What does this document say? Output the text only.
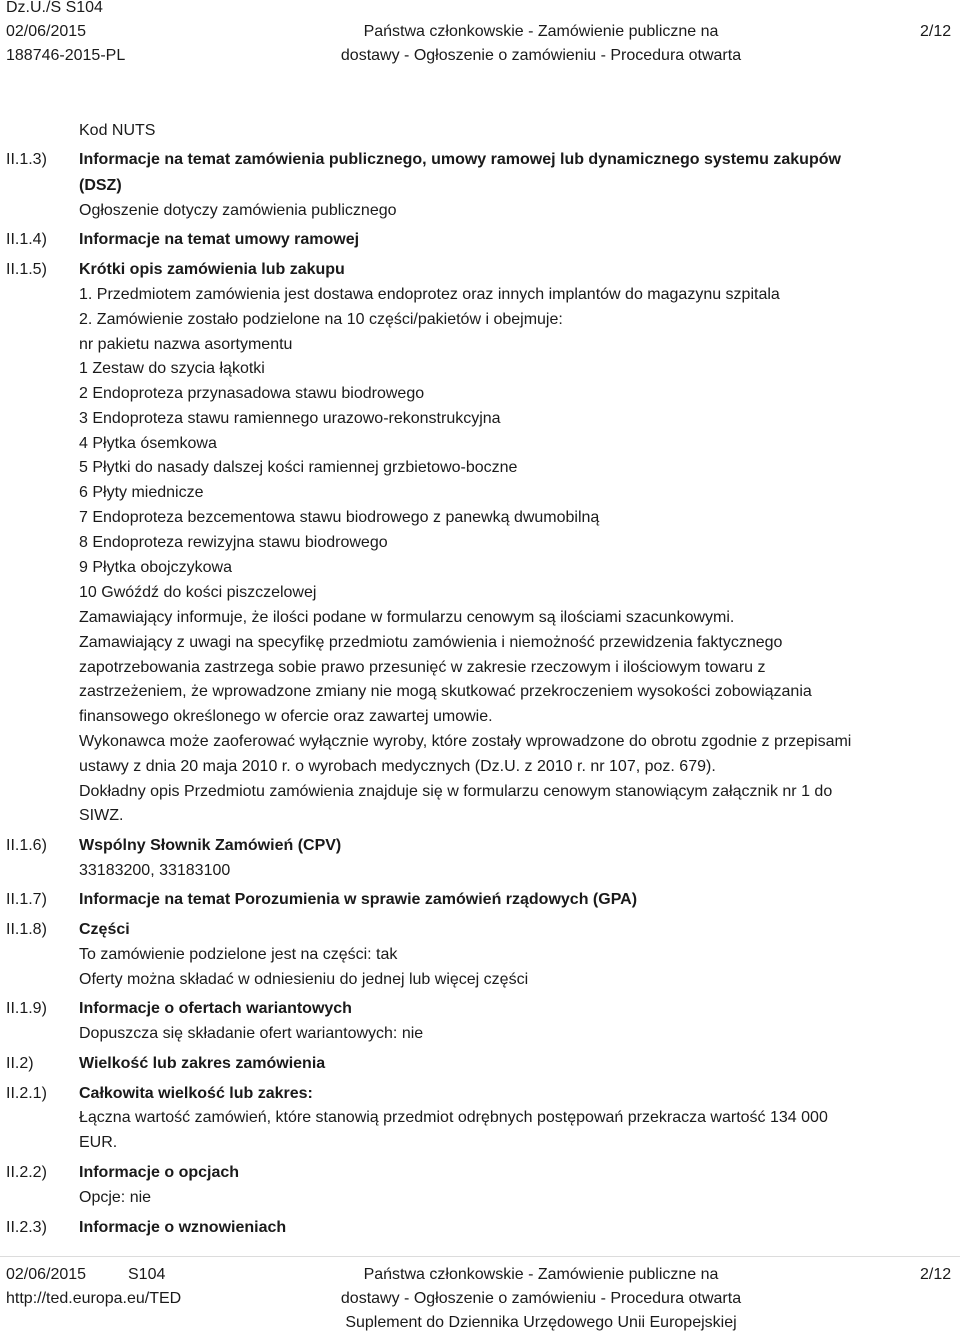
Dz.U./S S104
02/06/2015
188746-2015-PL
Państwa członkowskie - Zamówienie publiczne na
dostawy - Ogłoszenie o zamówieniu - Procedura otwarta
2/12
II.1.3)
II.1.4)
II.1.5)
II.1.6)
II.1.7)
II.1.8)
II.1.9)
II.2)
II.2.1)
II.2.2)
II.2.3)
Kod NUTS
Informacje na temat zamówienia publicznego, umowy ramowej lub dynamicznego systemu zakupów
(DSZ)
Ogłoszenie dotyczy zamówienia publicznego
Informacje na temat umowy ramowej
Krótki opis zamówienia lub zakupu
1. Przedmiotem zamówienia jest dostawa endoprotez oraz innych implantów do magazynu szpitala
2. Zamówienie zostało podzielone na 10 części/pakietów i obejmuje:
nr pakietu nazwa asortymentu
1 Zestaw do szycia łąkotki
2 Endoproteza przynasadowa stawu biodrowego
3 Endoproteza stawu ramiennego urazowo-rekonstrukcyjna
4 Płytka ósemkowa
5 Płytki do nasady dalszej kości ramiennej grzbietowo-boczne
6 Płyty miednicze
7 Endoproteza bezcementowa stawu biodrowego z panewką dwumobilną
8 Endoproteza rewizyjna stawu biodrowego
9 Płytka obojczykowa
10 Gwóźdź do kości piszczelowej
Zamawiający informuje, że ilości podane w formularzu cenowym są ilościami szacunkowymi.
Zamawiający z uwagi na specyfikę przedmiotu zamówienia i niemożność przewidzenia faktycznego
zapotrzebowania zastrzega sobie prawo przesunięć w zakresie rzeczowym i ilościowym towaru z
zastrzeżeniem, że wprowadzone zmiany nie mogą skutkować przekroczeniem wysokości zobowiązania
finansowego określonego w ofercie oraz zawartej umowie.
Wykonawca może zaoferować wyłącznie wyroby, które zostały wprowadzone do obrotu zgodnie z przepisami
ustawy z dnia 20 maja 2010 r. o wyrobach medycznych (Dz.U. z 2010 r. nr 107, poz. 679).
Dokładny opis Przedmiotu zamówienia znajduje się w formularzu cenowym stanowiącym załącznik nr 1 do
SIWZ.
Wspólny Słownik Zamówień (CPV)
33183200, 33183100
Informacje na temat Porozumienia w sprawie zamówień rządowych (GPA)
Części
To zamówienie podzielone jest na części: tak
Oferty można składać w odniesieniu do jednej lub więcej części
Informacje o ofertach wariantowych
Dopuszcza się składanie ofert wariantowych: nie
Wielkość lub zakres zamówienia
Całkowita wielkość lub zakres:
Łączna wartość zamówień, które stanowią przedmiot odrębnych postępowań przekracza wartość 134 000
EUR.
Informacje o opcjach
Opcje: nie
Informacje o wznowieniach
02/06/2015	S104
http://ted.europa.eu/TED
Państwa członkowskie - Zamówienie publiczne na
dostawy - Ogłoszenie o zamówieniu - Procedura otwarta
Suplement do Dziennika Urzędowego Unii Europejskiej
2/12
